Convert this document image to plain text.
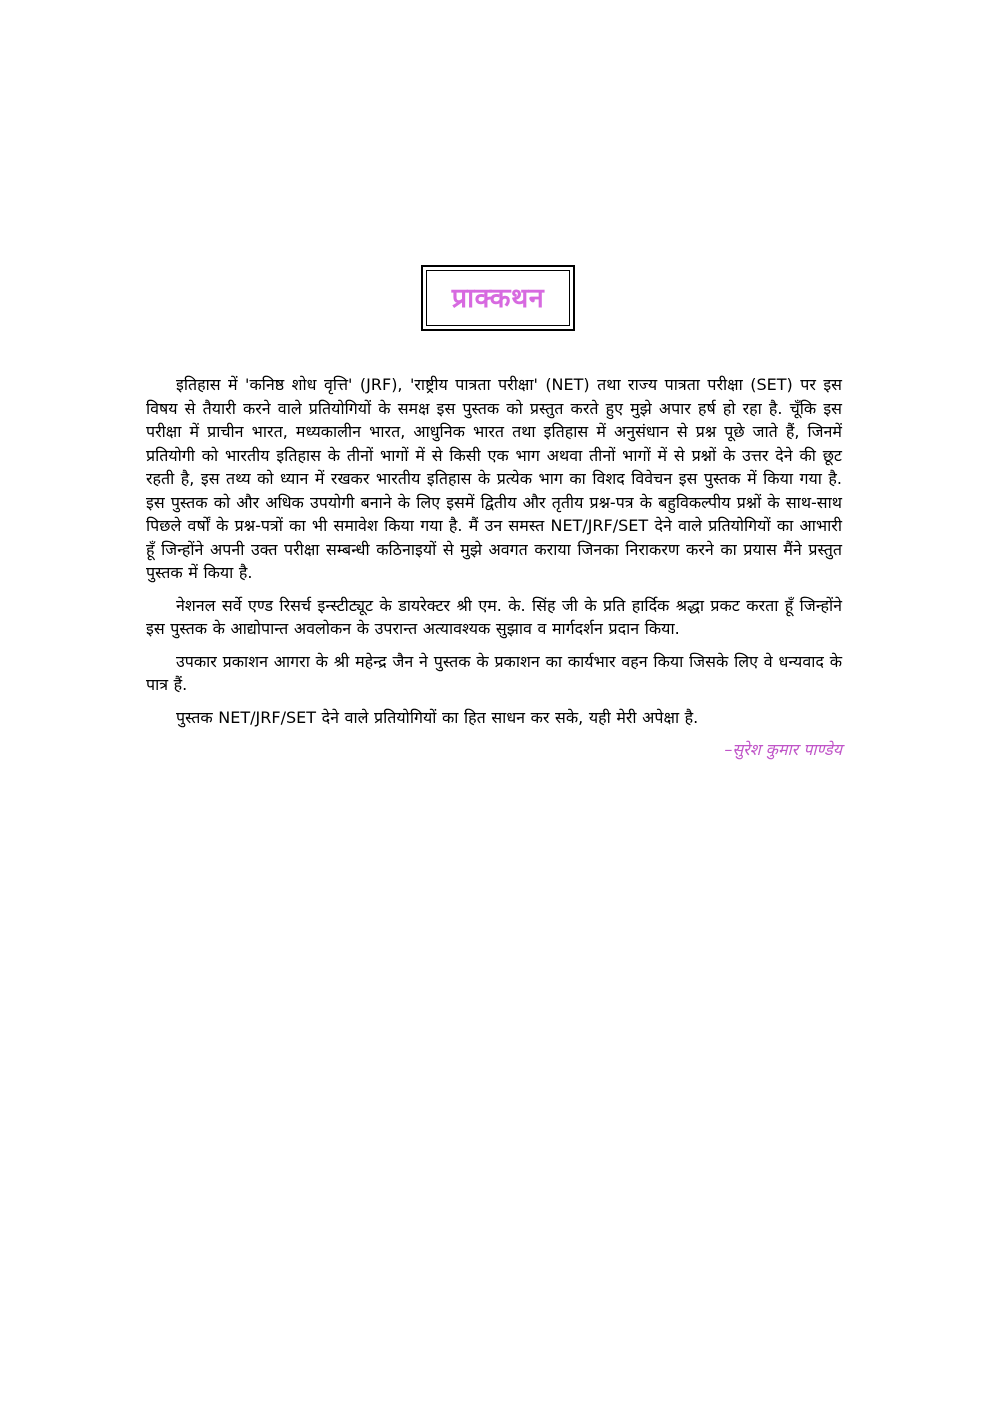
प्राक्कथन

इतिहास में 'कनिष्ठ शोध वृत्ति' (JRF), 'राष्ट्रीय पात्रता परीक्षा' (NET) तथा राज्य पात्रता परीक्षा (SET) पर इस विषय से तैयारी करने वाले प्रतियोगियों के समक्ष इस पुस्तक को प्रस्तुत करते हुए मुझे अपार हर्ष हो रहा है. चूँकि इस परीक्षा में प्राचीन भारत, मध्यकालीन भारत, आधुनिक भारत तथा इतिहास में अनुसंधान से प्रश्न पूछे जाते हैं, जिनमें प्रतियोगी को भारतीय इतिहास के तीनों भागों में से किसी एक भाग अथवा तीनों भागों में से प्रश्नों के उत्तर देने की छूट रहती है, इस तथ्य को ध्यान में रखकर भारतीय इतिहास के प्रत्येक भाग का विशद विवेचन इस पुस्तक में किया गया है. इस पुस्तक को और अधिक उपयोगी बनाने के लिए इसमें द्वितीय और तृतीय प्रश्न-पत्र के बहुविकल्पीय प्रश्नों के साथ-साथ पिछले वर्षों के प्रश्न-पत्रों का भी समावेश किया गया है. मैं उन समस्त NET/JRF/SET देने वाले प्रतियोगियों का आभारी हूँ जिन्होंने अपनी उक्त परीक्षा सम्बन्धी कठिनाइयों से मुझे अवगत कराया जिनका निराकरण करने का प्रयास मैंने प्रस्तुत पुस्तक में किया है.

नेशनल सर्वे एण्ड रिसर्च इन्स्टीट्यूट के डायरेक्टर श्री एम. के. सिंह जी के प्रति हार्दिक श्रद्धा प्रकट करता हूँ जिन्होंने इस पुस्तक के आद्योपान्त अवलोकन के उपरान्त अत्यावश्यक सुझाव व मार्गदर्शन प्रदान किया.

उपकार प्रकाशन आगरा के श्री महेन्द्र जैन ने पुस्तक के प्रकाशन का कार्यभार वहन किया जिसके लिए वे धन्यवाद के पात्र हैं.

पुस्तक NET/JRF/SET देने वाले प्रतियोगियों का हित साधन कर सके, यही मेरी अपेक्षा है.

–सुरेश कुमार पाण्डेय
